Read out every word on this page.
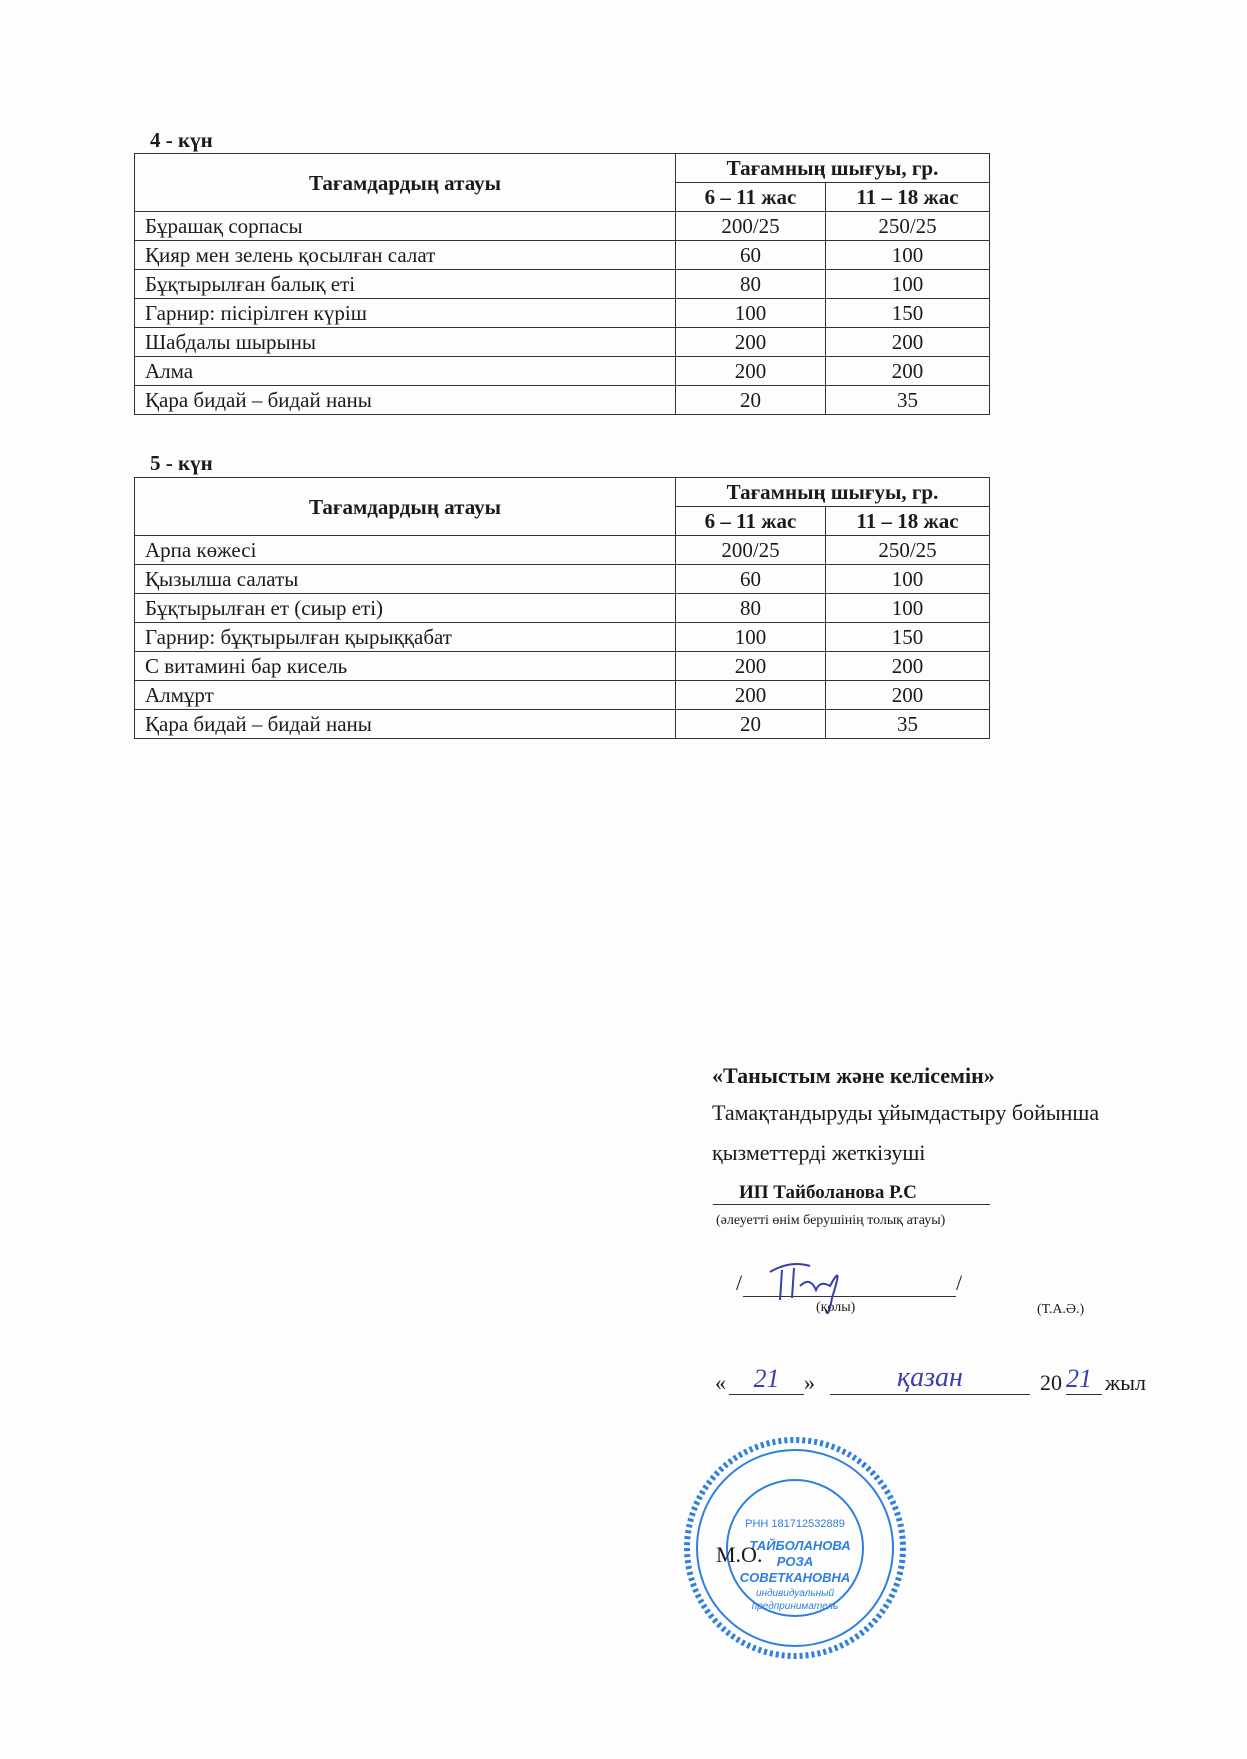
4 - күн
Тағамдардың атауы	Тағамның шығуы, гр.	
	6 – 11 жас	11 – 18 жас
Бұрашақ сорпасы	200/25	250/25
Қияр мен зелень қосылған салат	60	100
Бұқтырылған балық еті	80	100
Гарнир: пісірілген күріш	100	150
Шабдалы шырыны	200	200
Алма	200	200
Қара бидай – бидай наны	20	35
5 - күн
Тағамдардың атауы	Тағамның шығуы, гр.	
	6 – 11 жас	11 – 18 жас
Арпа көжесі	200/25	250/25
Қызылша салаты	60	100
Бұқтырылған ет (сиыр еті)	80	100
Гарнир: бұқтырылған қырыққабат	100	150
С витамині бар кисель	200	200
Алмұрт	200	200
Қара бидай – бидай наны	20	35
«Таныстым және келісемін»
Тамақтандыруды ұйымдастыру бойынша
қызметтерді жеткізуші
ИП Тайболанова Р.С
(әлеуетті өнім берушінің толық атауы)
/	/
(қолы)	(Т.А.Ә.)
«	21	»	қазан	20 21 жыл
РНН 181712532889
ТАЙБОЛАНОВА
РОЗА
СОВЕТКАНОВНА
индивидуальный
предприниматель
М.О.
